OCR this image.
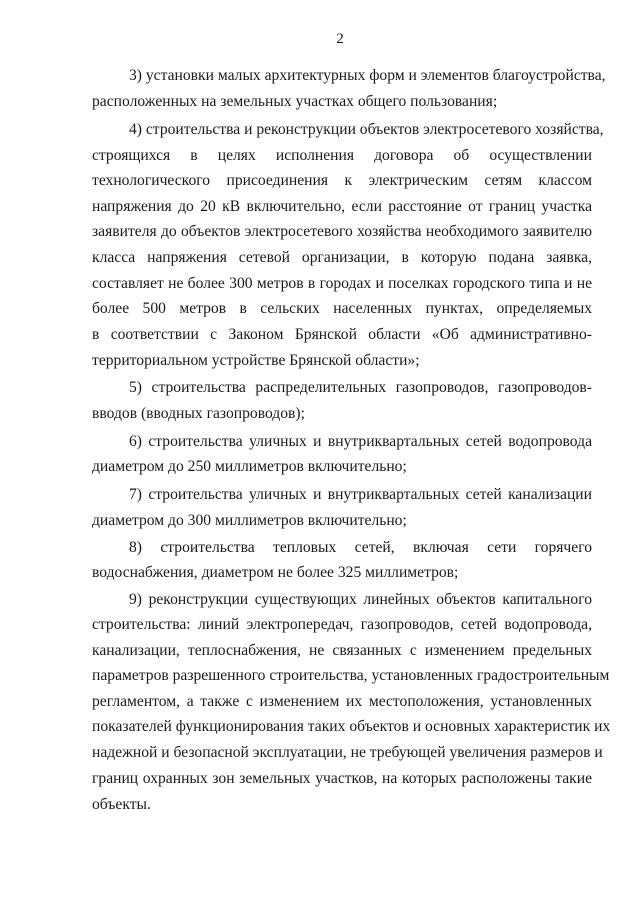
2
3) установки малых архитектурных форм и элементов благоустройства,
расположенных на земельных участках общего пользования;
4) строительства и реконструкции объектов электросетевого хозяйства,
строящихся в целях исполнения договора об осуществлении
технологического присоединения к электрическим сетям классом
напряжения до 20 кВ включительно, если расстояние от границ участка
заявителя до объектов электросетевого хозяйства необходимого заявителю
класса напряжения сетевой организации, в которую подана заявка,
составляет не более 300 метров в городах и поселках городского типа и не
более 500 метров в сельских населенных пунктах, определяемых
в соответствии с Законом Брянской области «Об административно-
территориальном устройстве Брянской области»;
5) строительства распределительных газопроводов, газопроводов-
вводов (вводных газопроводов);
6) строительства уличных и внутриквартальных сетей водопровода
диаметром до 250 миллиметров включительно;
7) строительства уличных и внутриквартальных сетей канализации
диаметром до 300 миллиметров включительно;
8) строительства тепловых сетей, включая сети горячего
водоснабжения, диаметром не более 325 миллиметров;
9) реконструкции существующих линейных объектов капитального
строительства: линий электропередач, газопроводов, сетей водопровода,
канализации, теплоснабжения, не связанных с изменением предельных
параметров разрешенного строительства, установленных градостроительным
регламентом, а также с изменением их местоположения, установленных
показателей функционирования таких объектов и основных характеристик их
надежной и безопасной эксплуатации, не требующей увеличения размеров и
границ охранных зон земельных участков, на которых расположены такие
объекты.
